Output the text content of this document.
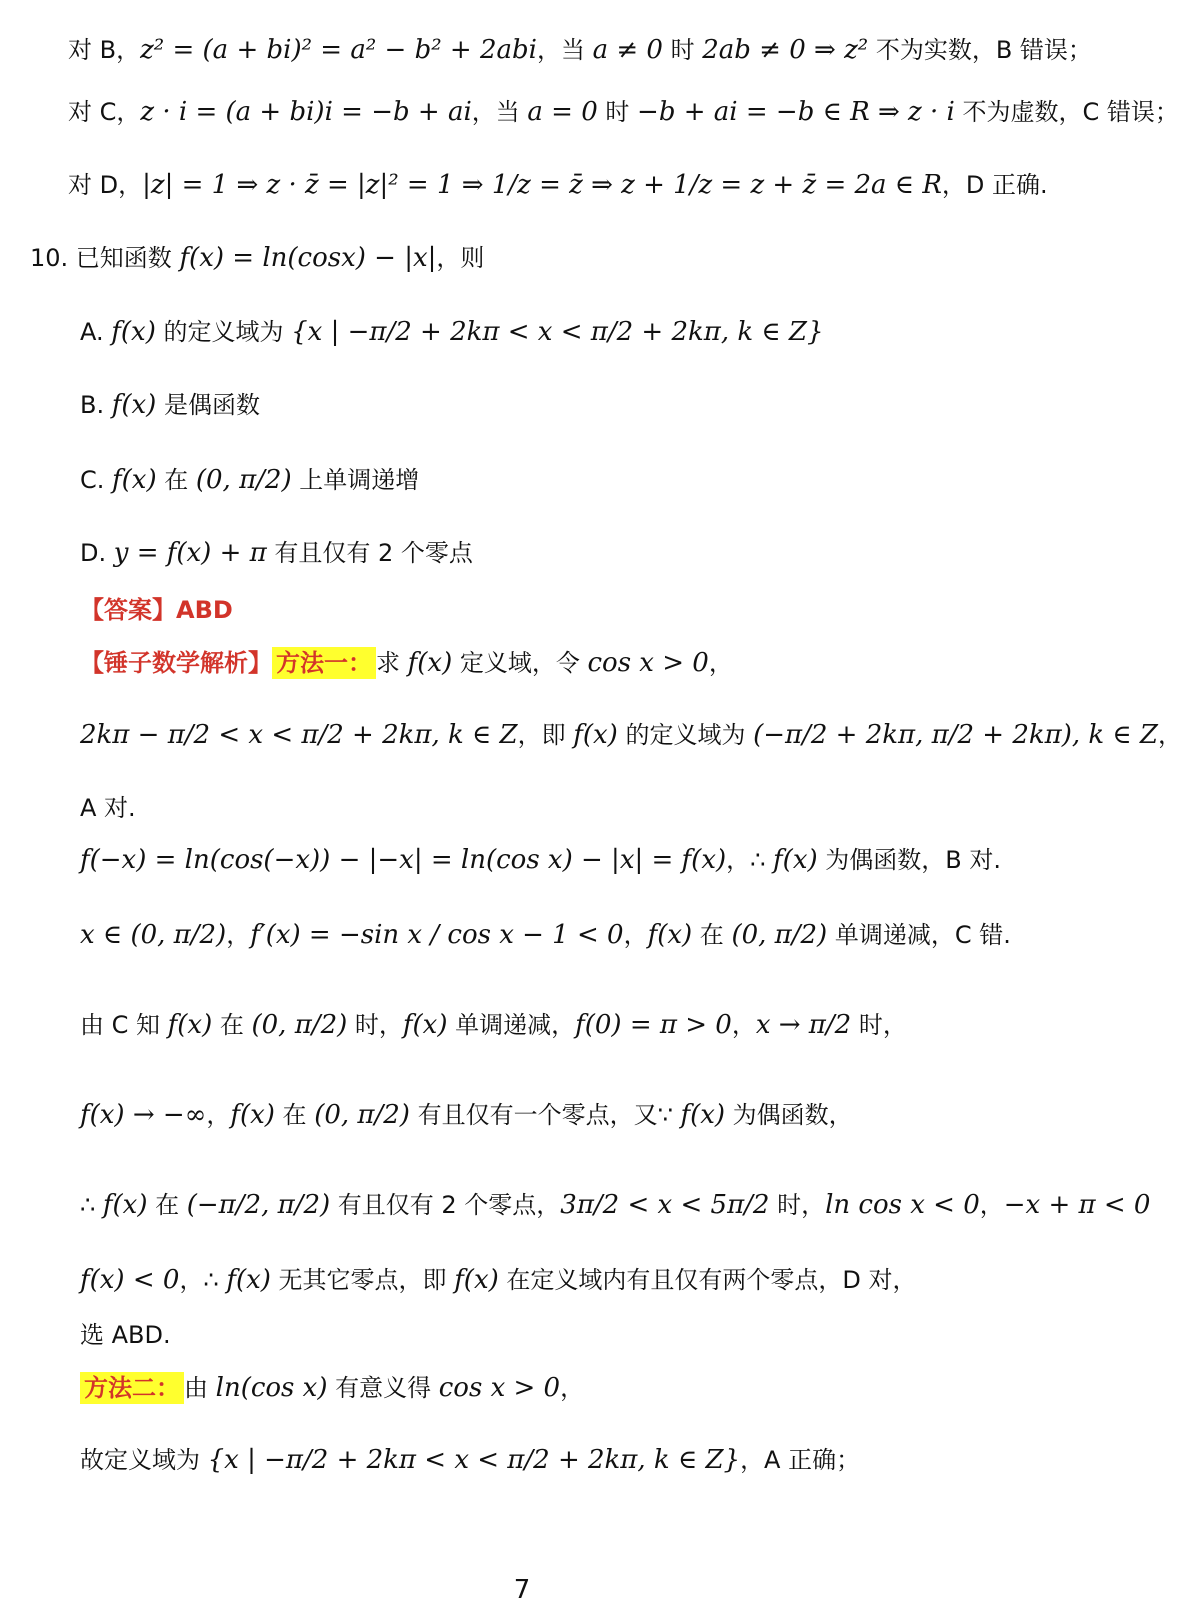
对 B，z² = (a + bi)² = a² − b² + 2abi，当 a ≠ 0 时 2ab ≠ 0 ⇒ z² 不为实数，B 错误；
对 C，z · i = (a + bi)i = −b + ai，当 a = 0 时 −b + ai = −b ∈ R ⇒ z · i 不为虚数，C 错误；
对 D，|z| = 1 ⇒ z · z̄ = |z|² = 1 ⇒ 1/z = z̄ ⇒ z + 1/z = z + z̄ = 2a ∈ R，D 正确.
10. 已知函数 f(x) = ln(cosx) − |x|，则
A. f(x) 的定义域为 {x | −π/2 + 2kπ < x < π/2 + 2kπ, k ∈ Z}
B. f(x) 是偶函数
C. f(x) 在 (0, π/2) 上单调递增
D. y = f(x) + π 有且仅有 2 个零点
【答案】ABD
【锤子数学解析】 方法一： 求 f(x) 定义域，令 cos x > 0，
2kπ − π/2 < x < π/2 + 2kπ, k ∈ Z，即 f(x) 的定义域为 (−π/2 + 2kπ, π/2 + 2kπ), k ∈ Z，
A 对.
f(−x) = ln(cos(−x)) − |−x| = ln(cos x) − |x| = f(x)，∴ f(x) 为偶函数，B 对.
x ∈ (0, π/2)，f′(x) = −sin x / cos x − 1 < 0，f(x) 在 (0, π/2) 单调递减，C 错.
由 C 知 f(x) 在 (0, π/2) 时，f(x) 单调递减，f(0) = π > 0，x → π/2 时，
f(x) → −∞，f(x) 在 (0, π/2) 有且仅有一个零点，又∵ f(x) 为偶函数，
∴ f(x) 在 (−π/2, π/2) 有且仅有 2 个零点，3π/2 < x < 5π/2 时，ln cos x < 0，−x + π < 0
f(x) < 0，∴ f(x) 无其它零点，即 f(x) 在定义域内有且仅有两个零点，D 对，
选 ABD.
方法二： 由 ln(cos x) 有意义得 cos x > 0，
故定义域为 {x | −π/2 + 2kπ < x < π/2 + 2kπ, k ∈ Z}，A 正确；
7
